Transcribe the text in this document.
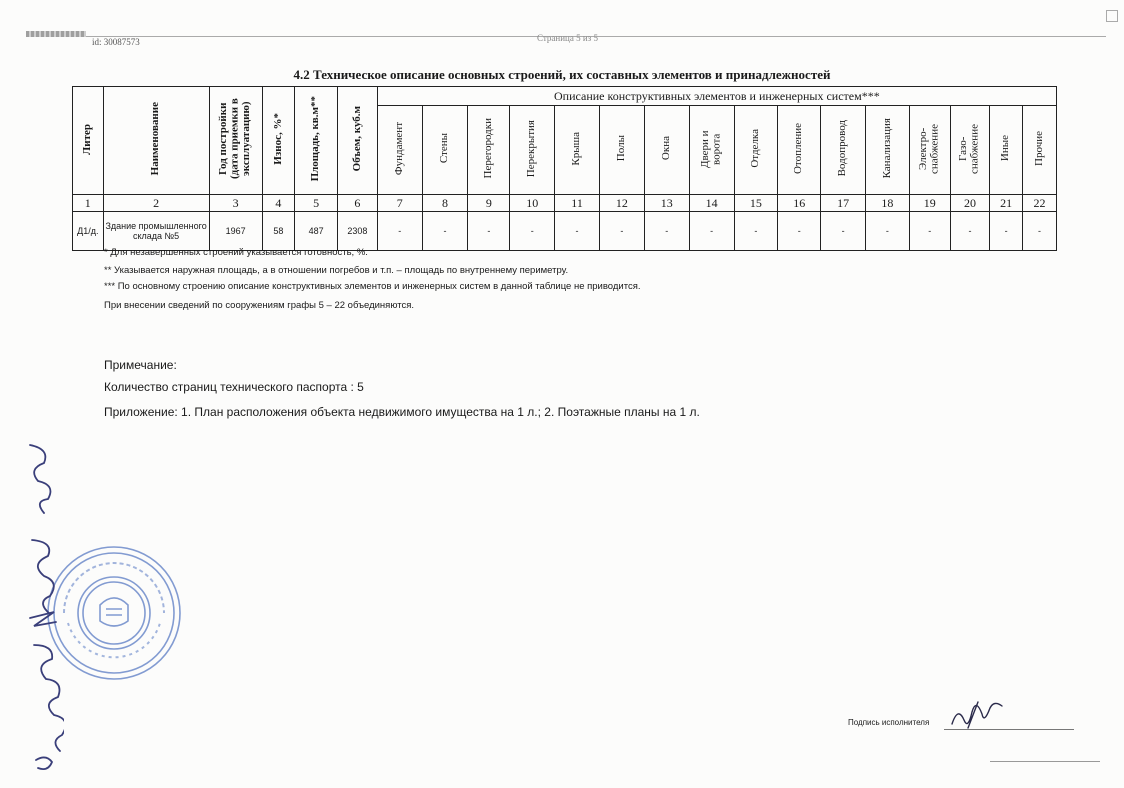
id: 30087573	Страница 5 из 5
4.2 Техническое описание основных строений, их составных элементов и принадлежностей
Литер	Наименование	Год постройки (дата приемки в эксплуатацию)	Износ, %*	Площадь, кв.м**	Объем, куб.м	Описание конструктивных элементов и инженерных систем***															
						Фундамент	Стены	Перегородки	Перекрытия	Крыша	Полы	Окна	Двери и ворота	Отделка	Отопление	Водопровод	Канализация	Электро-снабжение	Газо-снабжение	Иные	Прочие
1	2	3	4	5	6	7	8	9	10	11	12	13	14	15	16	17	18	19	20	21	22
Д1/д.	Здание промышленного склада №5	1967	58	487	2308	-	-	-	-	-	-	-	-	-	-	-	-	-	-	-	-
* Для незавершенных строений указывается готовность, %.
** Указывается наружная площадь, а в отношении погребов и т.п. – площадь по внутреннему периметру.
*** По основному строению описание конструктивных элементов и инженерных систем в данной таблице не приводится.
При внесении сведений по сооружениям графы 5 – 22 объединяются.
Примечание:
Количество страниц технического паспорта : 5
Приложение: 1. План расположения объекта недвижимого имущества на 1 л.; 2. Поэтажные планы на 1 л.
Подпись исполнителя
